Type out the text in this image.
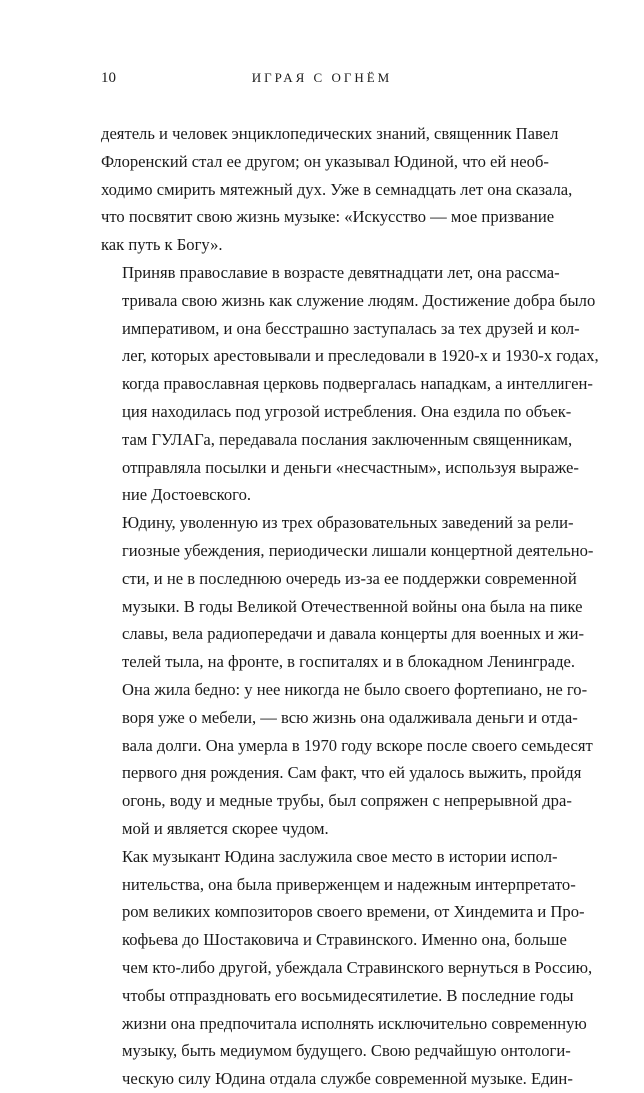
10	ИГРАЯ С ОГНЁМ

деятель и человек энциклопедических знаний, священник Павел
Флоренский стал ее другом; он указывал Юдиной, что ей необ-
ходимо смирить мятежный дух. Уже в семнадцать лет она сказала,
что посвятит свою жизнь музыке: «Искусство — мое призвание
как путь к Богу».

Приняв православие в возрасте девятнадцати лет, она рассма-
тривала свою жизнь как служение людям. Достижение добра было
императивом, и она бесстрашно заступалась за тех друзей и кол-
лег, которых арестовывали и преследовали в 1920-х и 1930-х годах,
когда православная церковь подвергалась нападкам, а интеллиген-
ция находилась под угрозой истребления. Она ездила по объек-
там ГУЛАГа, передавала послания заключенным священникам,
отправляла посылки и деньги «несчастным», используя выраже-
ние Достоевского.

Юдину, уволенную из трех образовательных заведений за рели-
гиозные убеждения, периодически лишали концертной деятельно-
сти, и не в последнюю очередь из-за ее поддержки современной
музыки. В годы Великой Отечественной войны она была на пике
славы, вела радиопередачи и давала концерты для военных и жи-
телей тыла, на фронте, в госпиталях и в блокадном Ленинграде.
Она жила бедно: у нее никогда не было своего фортепиано, не го-
воря уже о мебели, — всю жизнь она одалживала деньги и отда-
вала долги. Она умерла в 1970 году вскоре после своего семьдесят
первого дня рождения. Сам факт, что ей удалось выжить, пройдя
огонь, воду и медные трубы, был сопряжен с непрерывной дра-
мой и является скорее чудом.

Как музыкант Юдина заслужила свое место в истории испол-
нительства, она была приверженцем и надежным интерпретато-
ром великих композиторов своего времени, от Хиндемита и Про-
кофьева до Шостаковича и Стравинского. Именно она, больше
чем кто-либо другой, убеждала Стравинского вернуться в Россию,
чтобы отпраздновать его восьмидесятилетие. В последние годы
жизни она предпочитала исполнять исключительно современную
музыку, быть медиумом будущего. Свою редчайшую онтологи-
ческую силу Юдина отдала службе современной музыке. Един-
